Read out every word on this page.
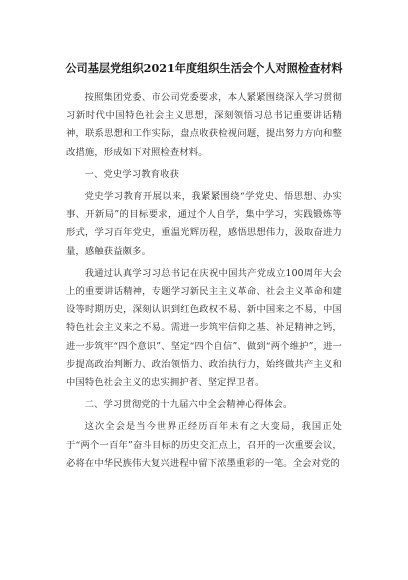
公司基层党组织2021年度组织生活会个人对照检查材料

按照集团党委、市公司党委要求，本人紧紧围绕深入学习贯彻习新时代中国特色社会主义思想，深刻领悟习总书记重要讲话精神，联系思想和工作实际，盘点收获检视问题，提出努力方向和整改措施，形成如下对照检查材料。

一、党史学习教育收获

党史学习教育开展以来，我紧紧围绕“学党史、悟思想、办实事、开新局”的目标要求，通过个人自学，集中学习，实践锻炼等形式，学习百年党史，重温光辉历程，感悟思想伟力，汲取奋进力量，感触获益颇多。

我通过认真学习习总书记在庆祝中国共产党成立100周年大会上的重要讲话精神，专题学习新民主主义革命、社会主义革命和建设等时期历史，深刻认识到红色政权不易、新中国来之不易，中国特色社会主义来之不易。需进一步筑牢信仰之基、补足精神之钙，进一步筑牢“四个意识”、坚定“四个自信”、做到“两个维护”，进一步提高政治判断力、政治领悟力、政治执行力，始终做共产主义和中国特色社会主义的忠实拥护者、坚定捍卫者。

二、学习贯彻党的十九届六中全会精神心得体会。

这次全会是当今世界正经历百年未有之大变局，我国正处于“两个一百年”奋斗目标的历史交汇点上，召开的一次重要会议，必将在中华民族伟大复兴进程中留下浓墨重彩的一笔。全会对党的
